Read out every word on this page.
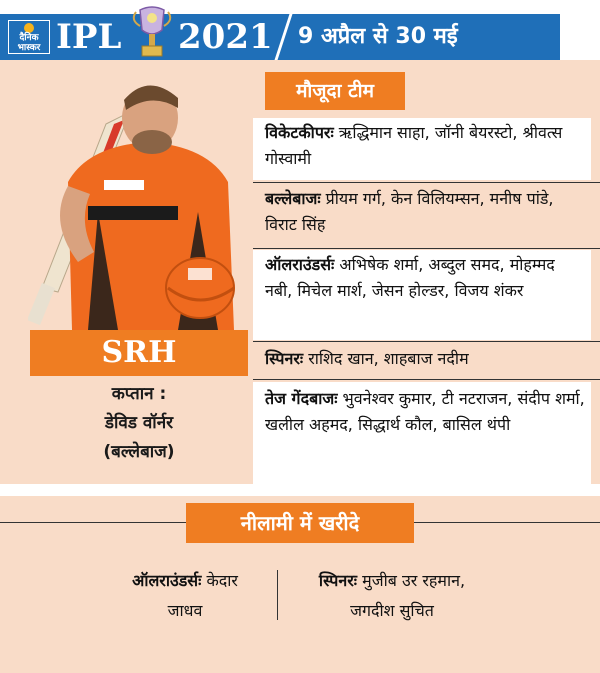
दैनिक
भास्कर IPL 2021 9 अप्रैल से 30 मई
SRH
कप्तान :
डेविड वॉर्नर
(बल्लेबाज)
मौजूदा टीम
विकेटकीपरः ऋद्धिमान साहा, जॉनी बेयरस्टो, श्रीवत्स गोस्वामी
बल्लेबाजः प्रीयम गर्ग, केन विलियम्सन, मनीष पांडे, विराट सिंह
ऑलराउंडर्सः अभिषेक शर्मा, अब्दुल समद, मोहम्मद नबी, मिचेल मार्श, जेसन होल्डर, विजय शंकर
स्पिनरः राशिद खान, शाहबाज नदीम
तेज गेंदबाजः भुवनेश्वर कुमार, टी नटराजन, संदीप शर्मा, खलील अहमद, सिद्धार्थ कौल, बासिल थंपी
नीलामी में खरीदे
ऑलराउंडर्सः केदार
जाधव
स्पिनरः मुजीब उर रहमान,
जगदीश सुचित
